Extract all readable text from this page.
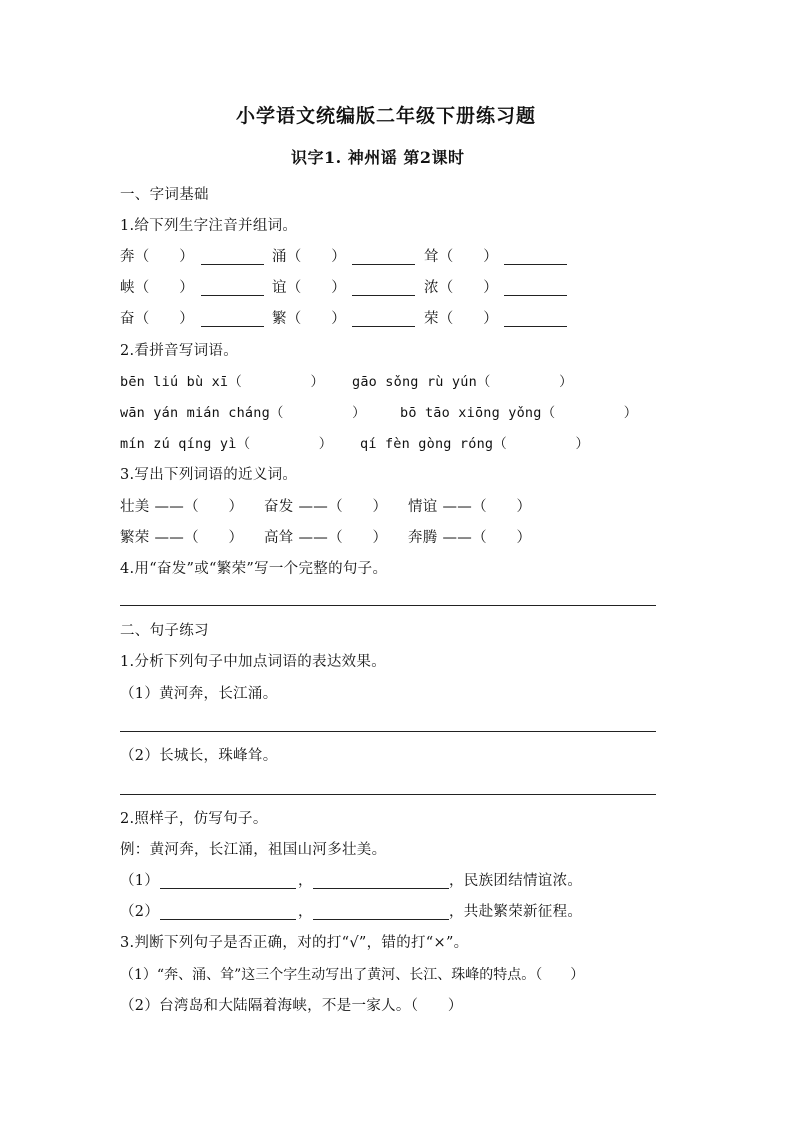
小学语文统编版二年级下册练习题
识字1. 神州谣 第2课时
一、字词基础
1.给下列生字注音并组词。
奔（　　）	涌（　　）	耸（　　）
峡（　　）	谊（　　）	浓（　　）
奋（　　）	繁（　　）	荣（　　）
2.看拼音写词语。
bēn liú bù xī（　　　　　） gāo sǒng rù yún（　　　　　）
wān yán mián cháng（　　　　　）	bō tāo xiōng yǒng（　　　　　）
mín zú qíng yì（　　　　　） qí fèn gòng róng（　　　　　）
3.写出下列词语的近义词。
壮美 ——（　　） 奋发 ——（　　） 情谊 ——（　　）
繁荣 ——（　　） 高耸 ——（　　） 奔腾 ——（　　）
4.用“奋发”或“繁荣”写一个完整的句子。
二、句子练习
1.分析下列句子中加点词语的表达效果。
（1）黄河奔，长江涌。
（2）长城长，珠峰耸。
2.照样子，仿写句子。
例：黄河奔，长江涌，祖国山河多壮美。
（1）	，	，民族团结情谊浓。
（2）	，	，共赴繁荣新征程。
3.判断下列句子是否正确，对的打“√”，错的打“×”。
（1）“奔、涌、耸”这三个字生动写出了黄河、长江、珠峰的特点。（　　）
（2）台湾岛和大陆隔着海峡，不是一家人。（　　）
